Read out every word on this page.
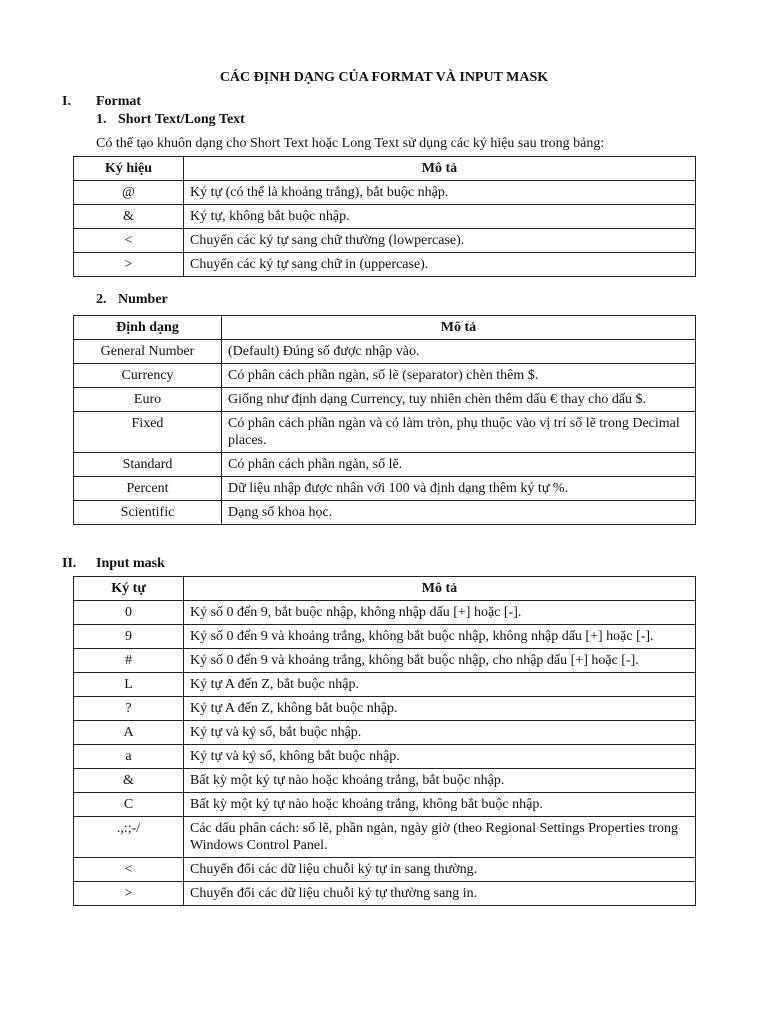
CÁC ĐỊNH DẠNG CỦA FORMAT VÀ INPUT MASK
I. Format
1. Short Text/Long Text
Có thể tạo khuôn dạng cho Short Text hoặc Long Text sử dụng các ký hiệu sau trong bảng:
Ký hiệu	Mô tả
@	Ký tự (có thể là khoảng trắng), bắt buộc nhập.
&	Ký tự, không bắt buộc nhập.
<	Chuyển các ký tự sang chữ thường (lowpercase).
>	Chuyển các ký tự sang chữ in (uppercase).
2. Number
Định dạng	Mô tả
General Number	(Default) Đúng số được nhập vào.
Currency	Có phân cách phần ngàn, số lẽ (separator) chèn thêm $.
Euro	Giống như định dạng Currency, tuy nhiên chèn thêm dấu € thay cho dấu $.
Fixed	Có phân cách phần ngàn và có làm tròn, phụ thuộc vào vị trí số lẽ trong Decimal places.
Standard	Có phân cách phần ngàn, số lẽ.
Percent	Dữ liệu nhập được nhân với 100 và định dạng thêm ký tự %.
Scientific	Dạng số khoa học.
II. Input mask
Ký tự	Mô tả
0	Ký số 0 đến 9, bắt buộc nhập, không nhập dấu [+] hoặc [-].
9	Ký số 0 đến 9 và khoảng trắng, không bắt buộc nhập, không nhập dấu [+] hoặc [-].
#	Ký số 0 đến 9 và khoảng trắng, không bắt buộc nhập, cho nhập dấu [+] hoặc [-].
L	Ký tự A đến Z, bắt buộc nhập.
?	Ký tự A đến Z, không bắt buộc nhập.
A	Ký tự và ký số, bắt buộc nhập.
a	Ký tự và ký số, không bắt buộc nhập.
&	Bất kỳ một ký tự nào hoặc khoảng trắng, bắt buộc nhập.
C	Bất kỳ một ký tự nào hoặc khoảng trắng, không bắt buộc nhập.
.,:;-/	Các dấu phân cách: số lẽ, phần ngàn, ngày giờ (theo Regional Settings Properties trong Windows Control Panel.
<	Chuyển đổi các dữ liệu chuỗi ký tự in sang thường.
>	Chuyển đổi các dữ liệu chuỗi ký tự thường sang in.
